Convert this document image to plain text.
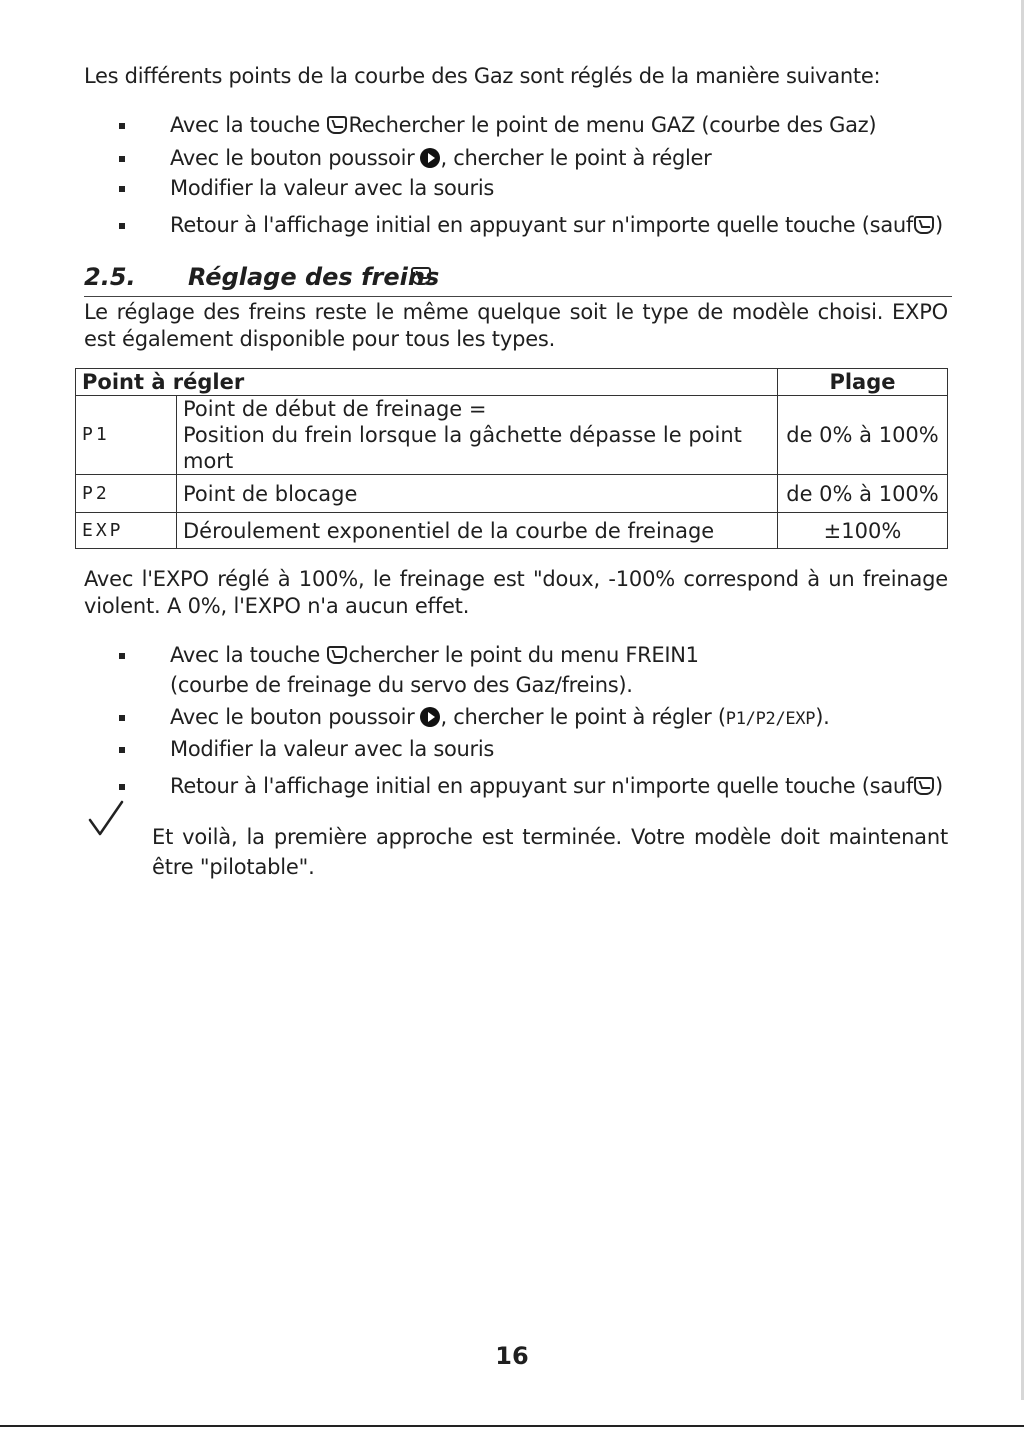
Les différents points de la courbe des Gaz sont réglés de la manière suivante:

Avec la touche Rechercher le point de menu GAZ (courbe des Gaz)
Avec le bouton poussoir , chercher le point à régler
Modifier la valeur avec la souris
Retour à l'affichage initial en appuyant sur n'importe quelle touche (sauf )
2.5. Réglage des freins

Le réglage des freins reste le même quelque soit le type de modèle choisi. EXPO est également disponible pour tous les types.

Point à régler		Plage
P1	Point de début de freinage =
Position du frein lorsque la gâchette dépasse le point mort	de 0% à 100%
P2	Point de blocage	de 0% à 100%
EXP	Déroulement exponentiel de la courbe de freinage	±100%

Avec l'EXPO réglé à 100%, le freinage est "doux, -100% correspond à un freinage violent. A 0%, l'EXPO n'a aucun effet.

Avec la touche chercher le point du menu FREIN1
(courbe de freinage du servo des Gaz/freins).
Avec le bouton poussoir , chercher le point à régler (P1/P2/EXP).
Modifier la valeur avec la souris
Retour à l'affichage initial en appuyant sur n'importe quelle touche (sauf )

Et voilà, la première approche est terminée. Votre modèle doit maintenant être "pilotable".

16
